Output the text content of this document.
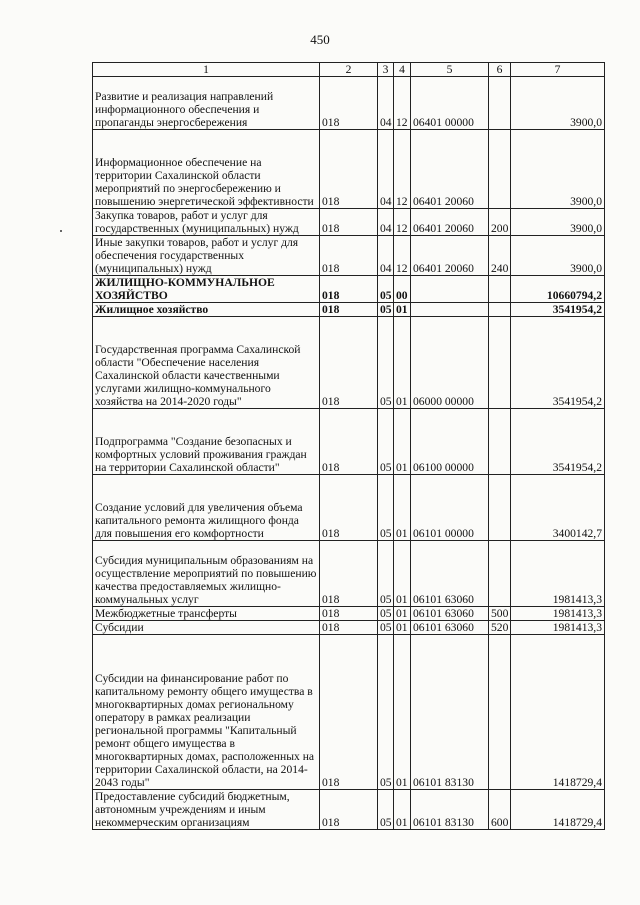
450
1	2	3	4	5	6	7
Развитие и реализация направлений информационного обеспечения и пропаганды энергосбережения	018	04	12	06401 00000		3900,0
Информационное обеспечение на территории Сахалинской области мероприятий по энергосбережению и повышению энергетической эффективности	018	04	12	06401 20060		3900,0
Закупка товаров, работ и услуг для государственных (муниципальных) нужд	018	04	12	06401 20060	200	3900,0
Иные закупки товаров, работ и услуг для обеспечения государственных (муниципальных) нужд	018	04	12	06401 20060	240	3900,0
ЖИЛИЩНО-КОММУНАЛЬНОЕ ХОЗЯЙСТВО	018	05	00			10660794,2
Жилищное хозяйство	018	05	01			3541954,2
Государственная программа Сахалинской области "Обеспечение населения Сахалинской области качественными услугами жилищно-коммунального хозяйства на 2014-2020 годы"	018	05	01	06000 00000		3541954,2
Подпрограмма "Создание безопасных и комфортных условий проживания граждан на территории Сахалинской области"	018	05	01	06100 00000		3541954,2
Создание условий для увеличения объема капитального ремонта жилищного фонда для повышения его комфортности	018	05	01	06101 00000		3400142,7
Субсидия муниципальным образованиям на осуществление мероприятий по повышению качества предоставляемых жилищно-коммунальных услуг	018	05	01	06101 63060		1981413,3
Межбюджетные трансферты	018	05	01	06101 63060	500	1981413,3
Субсидии	018	05	01	06101 63060	520	1981413,3
Субсидии на финансирование работ по капитальному ремонту общего имущества в многоквартирных домах региональному оператору в рамках реализации региональной программы "Капитальный ремонт общего имущества в многоквартирных домах, расположенных на территории Сахалинской области, на 2014-2043 годы"	018	05	01	06101 83130		1418729,4
Предоставление субсидий бюджетным, автономным учреждениям и иным некоммерческим организациям	018	05	01	06101 83130	600	1418729,4
